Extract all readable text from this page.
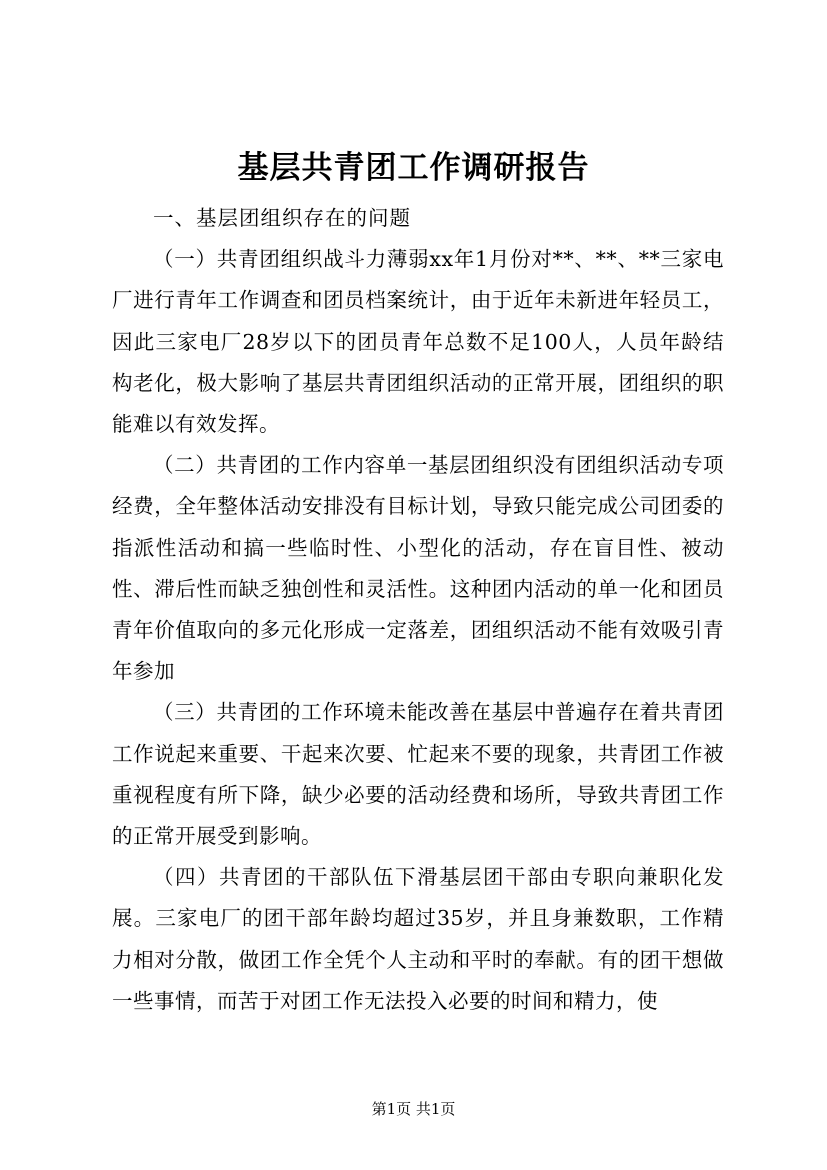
基层共青团工作调研报告

一、基层团组织存在的问题

（一）共青团组织战斗力薄弱xx年1月份对**、**、**三家电厂进行青年工作调查和团员档案统计，由于近年未新进年轻员工，因此三家电厂28岁以下的团员青年总数不足100人，人员年龄结构老化，极大影响了基层共青团组织活动的正常开展，团组织的职能难以有效发挥。

（二）共青团的工作内容单一基层团组织没有团组织活动专项经费，全年整体活动安排没有目标计划，导致只能完成公司团委的指派性活动和搞一些临时性、小型化的活动，存在盲目性、被动性、滞后性而缺乏独创性和灵活性。这种团内活动的单一化和团员青年价值取向的多元化形成一定落差，团组织活动不能有效吸引青年参加

（三）共青团的工作环境未能改善在基层中普遍存在着共青团工作说起来重要、干起来次要、忙起来不要的现象，共青团工作被重视程度有所下降，缺少必要的活动经费和场所，导致共青团工作的正常开展受到影响。

（四）共青团的干部队伍下滑基层团干部由专职向兼职化发展。三家电厂的团干部年龄均超过35岁，并且身兼数职，工作精力相对分散，做团工作全凭个人主动和平时的奉献。有的团干想做一些事情，而苦于对团工作无法投入必要的时间和精力，使

第1页 共1页
